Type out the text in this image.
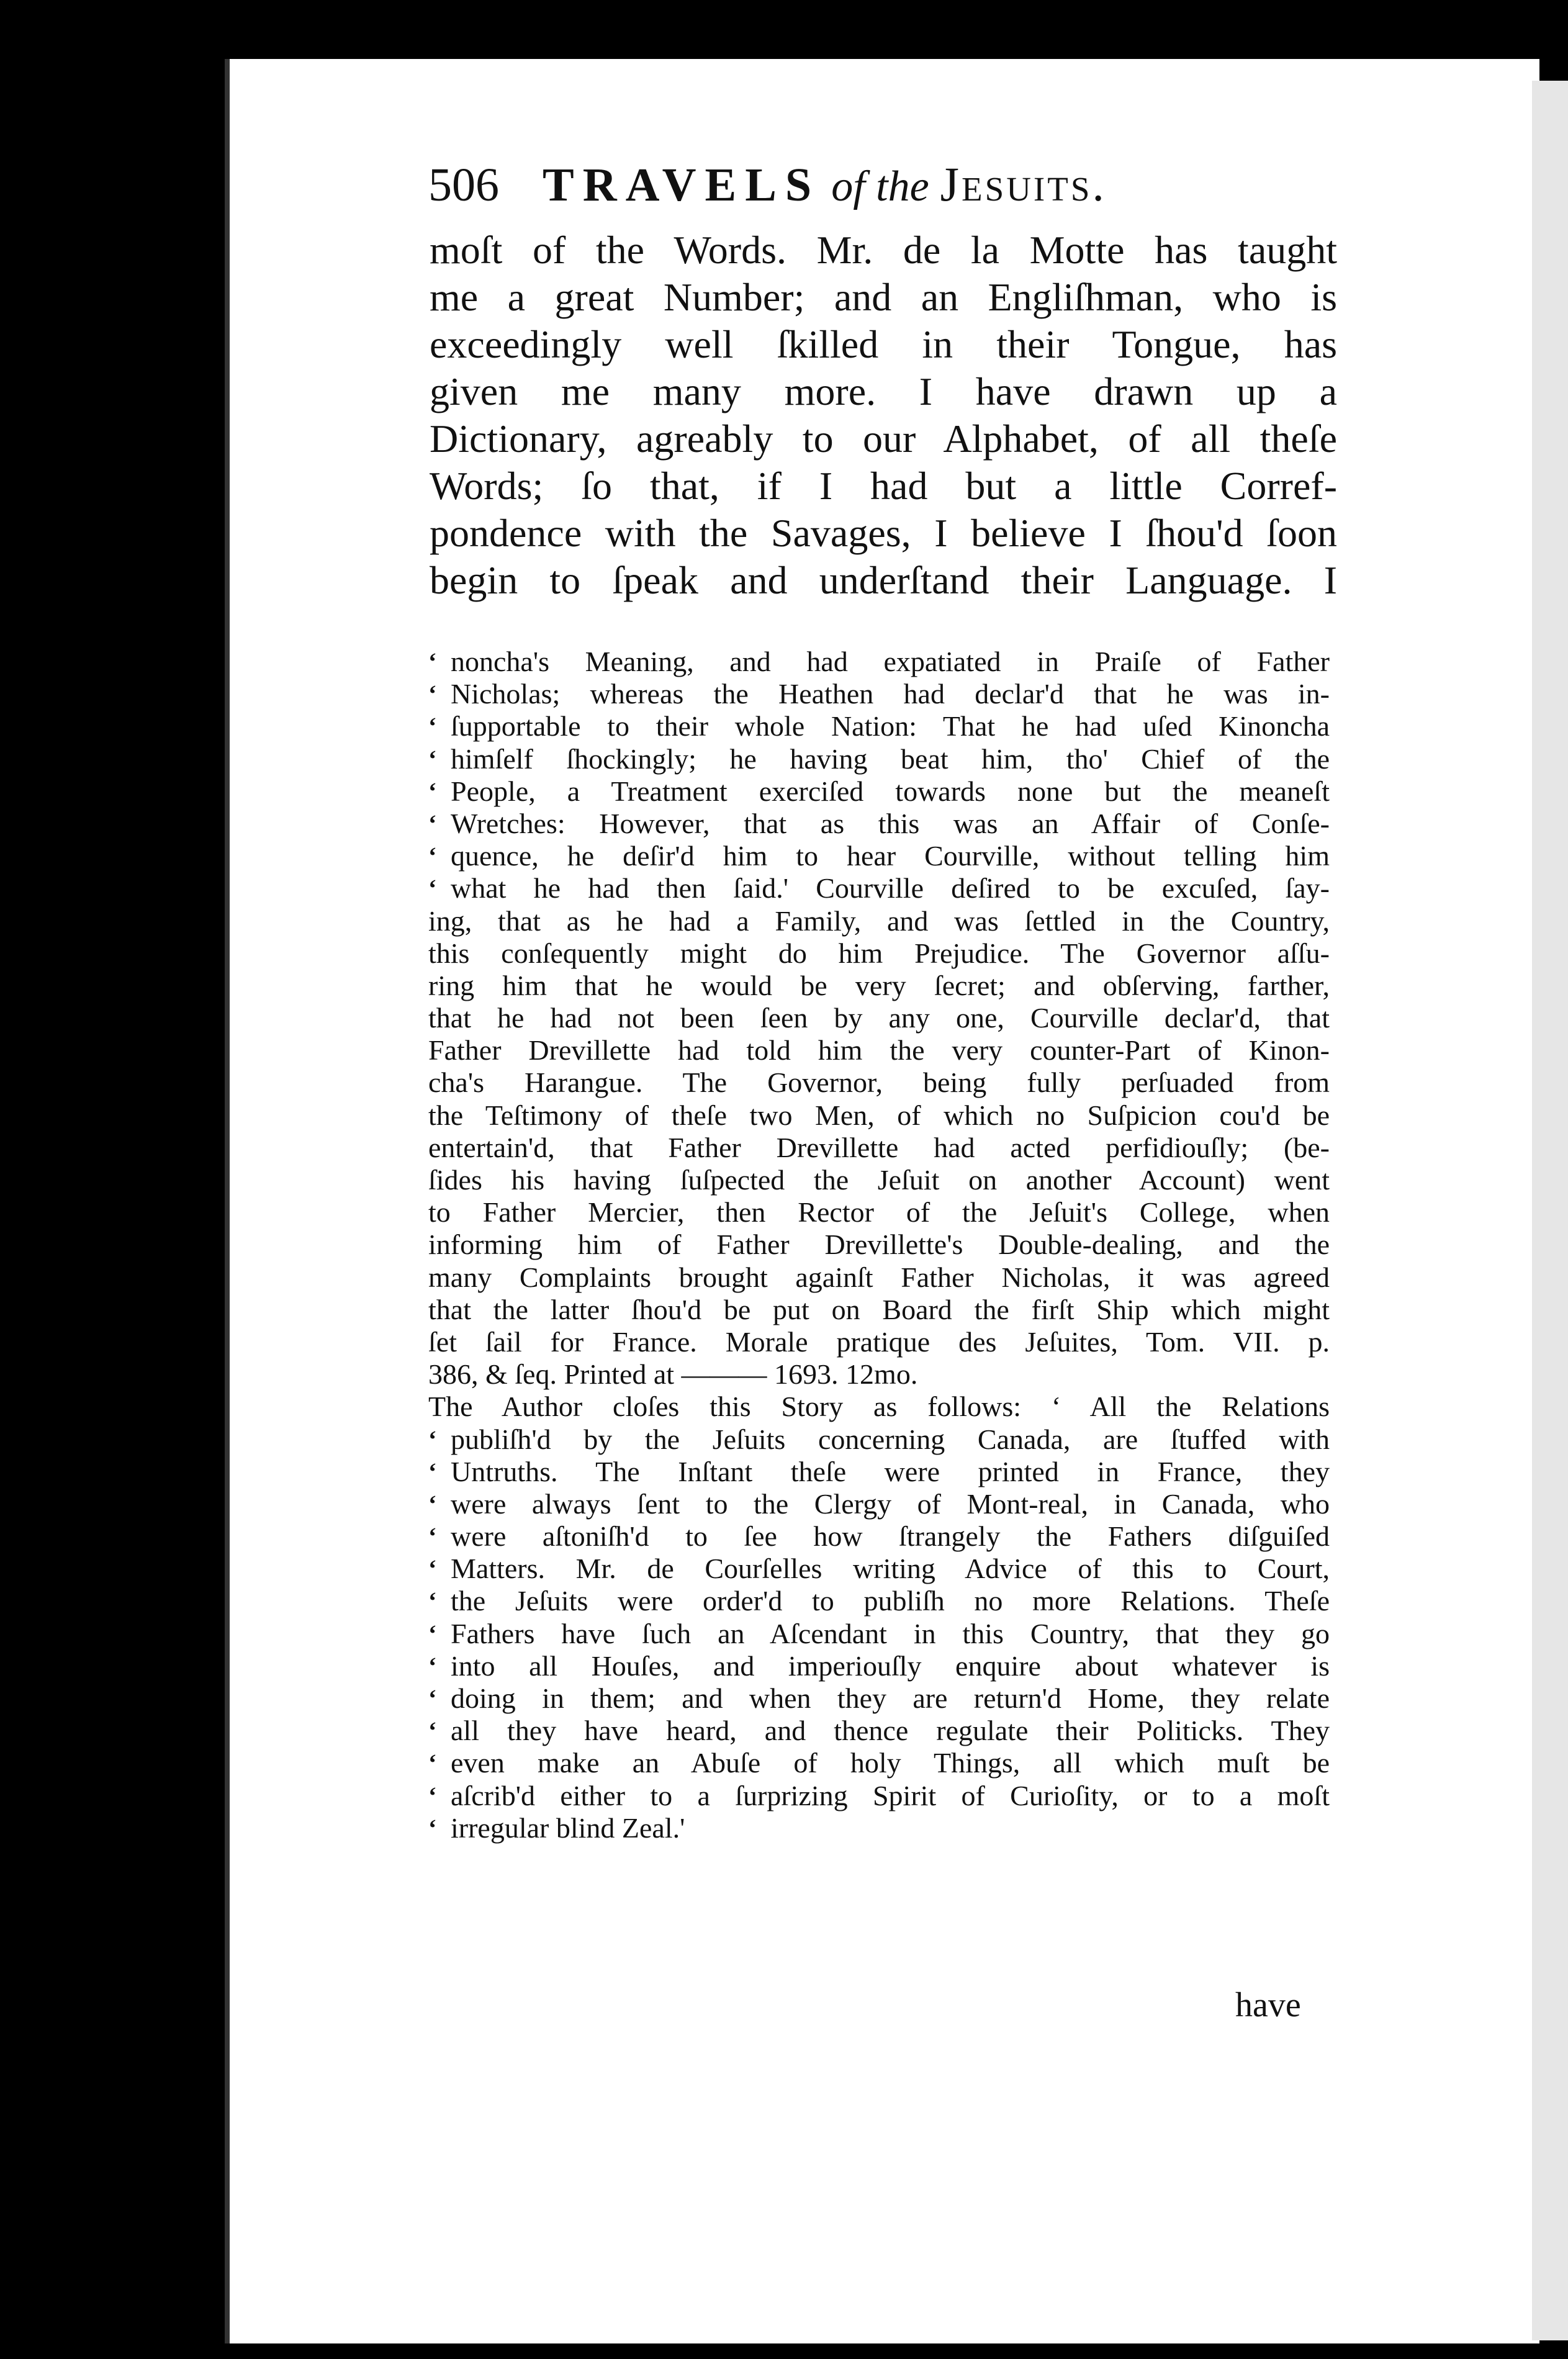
506 TRAVELS of the Jesuits.
moſt of the Words. Mr. de la Motte has taught
me a great Number; and an Engliſhman, who is
exceedingly well ſkilled in their Tongue, has
given me many more. I have drawn up a
Dictionary, agreably to our Alphabet, of all theſe
Words; ſo that, if I had but a little Corref-
pondence with the Savages, I believe I ſhou'd ſoon
begin to ſpeak and underſtand their Language. I
‘ noncha's Meaning, and had expatiated in Praiſe of Father
‘ Nicholas; whereas the Heathen had declar'd that he was in-
‘ ſupportable to their whole Nation: That he had uſed Kinoncha
‘ himſelf ſhockingly; he having beat him, tho' Chief of the
‘ People, a Treatment exerciſed towards none but the meaneſt
‘ Wretches: However, that as this was an Affair of Conſe-
‘ quence, he deſir'd him to hear Courville, without telling him
‘ what he had then ſaid.' Courville deſired to be excuſed, ſay-
ing, that as he had a Family, and was ſettled in the Country,
this conſequently might do him Prejudice. The Governor aſſu-
ring him that he would be very ſecret; and obſerving, farther,
that he had not been ſeen by any one, Courville declar'd, that
Father Drevillette had told him the very counter-Part of Kinon-
cha's Harangue. The Governor, being fully perſuaded from
the Teſtimony of theſe two Men, of which no Suſpicion cou'd be
entertain'd, that Father Drevillette had acted perfidiouſly; (be-
ſides his having ſuſpected the Jeſuit on another Account) went
to Father Mercier, then Rector of the Jeſuit's College, when
informing him of Father Drevillette's Double-dealing, and the
many Complaints brought againſt Father Nicholas, it was agreed
that the latter ſhou'd be put on Board the firſt Ship which might
ſet ſail for France. Morale pratique des Jeſuites, Tom. VII. p.
386, & ſeq. Printed at ——— 1693. 12mo.
The Author cloſes this Story as follows: ‘ All the Relations
‘ publiſh'd by the Jeſuits concerning Canada, are ſtuffed with
‘ Untruths. The Inſtant theſe were printed in France, they
‘ were always ſent to the Clergy of Mont-real, in Canada, who
‘ were aſtoniſh'd to ſee how ſtrangely the Fathers diſguiſed
‘ Matters. Mr. de Courſelles writing Advice of this to Court,
‘ the Jeſuits were order'd to publiſh no more Relations. Theſe
‘ Fathers have ſuch an Aſcendant in this Country, that they go
‘ into all Houſes, and imperiouſly enquire about whatever is
‘ doing in them; and when they are return'd Home, they relate
‘ all they have heard, and thence regulate their Politicks. They
‘ even make an Abuſe of holy Things, all which muſt be
‘ aſcrib'd either to a ſurprizing Spirit of Curioſity, or to a moſt
‘ irregular blind Zeal.'
have
